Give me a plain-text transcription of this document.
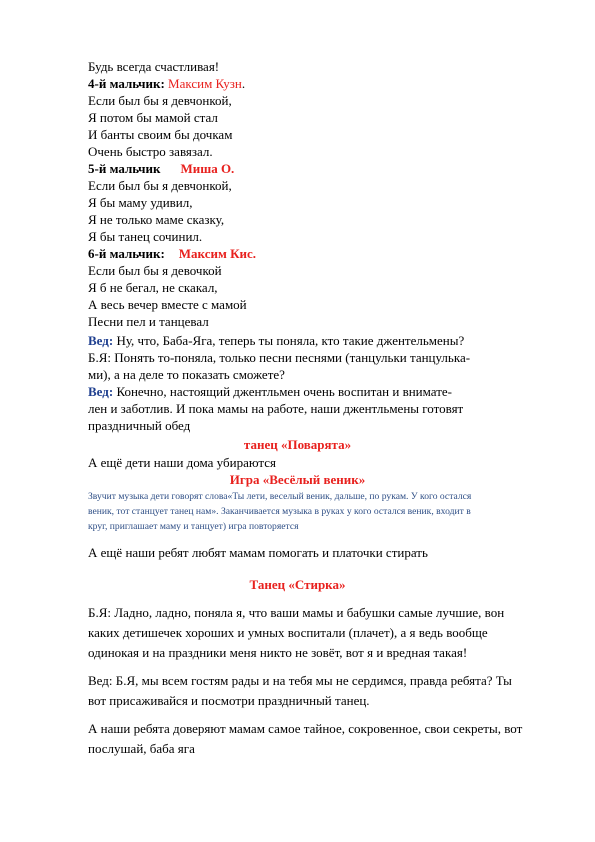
Будь всегда счастливая!
4-й мальчик: Максим Кузн.
Если был бы я девчонкой,
Я потом бы мамой стал
И банты своим бы дочкам
Очень быстро завязал.
5-й мальчик Миша О.
Если был бы я девчонкой,
Я бы маму удивил,
Я не только маме сказку,
Я бы танец сочинил.
6-й мальчик: Максим Кис.
Если был бы я девочкой
Я б не бегал, не скакал,
А весь вечер вместе с мамой
Песни пел и танцевал
Вед: Ну, что, Баба-Яга, теперь ты поняла, кто такие джентельмены?
Б.Я: Понять то-поняла, только песни песнями (танцульки танцулька-
ми), а на деле то показать сможете?
Вед: Конечно, настоящий джентльмен очень воспитан и внимате-
лен и заботлив. И пока мамы на работе, наши джентльмены готовят
праздничный обед
танец «Поварята»
А ещё дети наши дома убираются
Игра «Весёлый веник»
Звучит музыка дети говорят слова«Ты лети, веселый веник, дальше, по рукам. У кого остался
веник, тот станцует танец нам». Заканчивается музыка в руках у кого остался веник, входит в
круг, приглашает маму и танцует) игра повторяется
А ещё наши ребят любят мамам помогать и платочки стирать
Танец «Стирка»
Б.Я: Ладно, ладно, поняла я, что ваши мамы и бабушки самые лучшие, вон
каких детишечек хороших и умных воспитали (плачет), а я ведь вообще
одинокая и на праздники меня никто не зовёт, вот я и вредная такая!
Вед: Б.Я, мы всем гостям рады и на тебя мы не сердимся, правда ребята? Ты
вот присаживайся и посмотри праздничный танец.
А наши ребята доверяют мамам самое тайное, сокровенное, свои секреты, вот
послушай, баба яга
